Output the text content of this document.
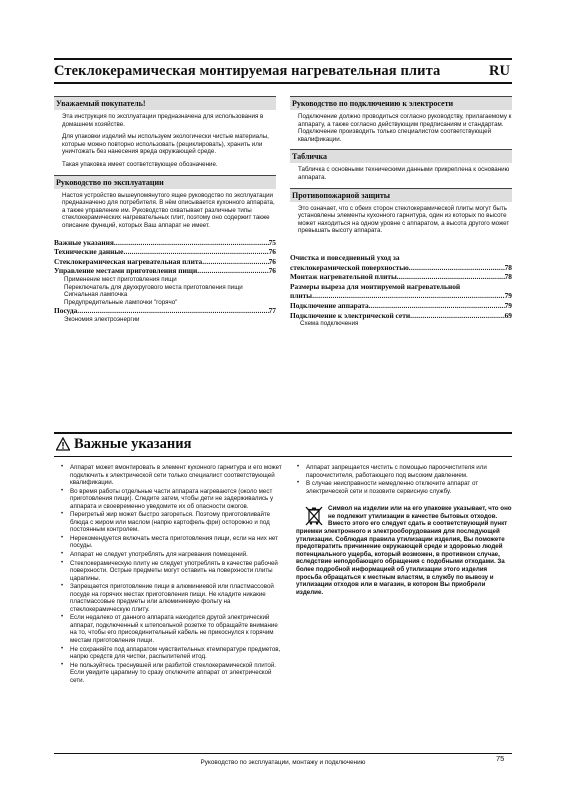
Стеклокерамическая монтируемая нагревательная плита	RU
Уважаемый покупатель!
Эта инструкция по эксплуатации предназначена для использования в домашнем хозяйстве.
Для упаковки изделий мы используем экологически чистые материалы, которые можно повторно использовать (рециклировать), хранить или уничтожать без нанесения вреда окружающей среде.
Такая упаковка имеет соответствующее обозначение.
Руководство по эксплуатации
Настоя устройство вышеупомянутого ящее руководство по эксплуатации предназначено для потребителя. В нём описывается кухонного аппарата, а также управление им. Руководство охватывает различные типы стеклокерамических нагревательных плит, поэтому оно содержит также описание функций, которых Ваш аппарат не имеет.
Важные указания .....	75
Технические данные .....	76
Стеклокерамическая нагревательная плита .....	76
Управление местами приготовления пищи .....	76
Применение мест приготовления пищи
Переключатель для двухкругового места приготовления пищи
Сигнальная лампочка
Предупредительные лампочки "горячо"
Посуда .....	77
Экономия электроэнергии
Руководство по подключению к электросети
Подключение должно проводиться согласно руководству, прилагаемому к аппарату, а также согласно действующим предписаниям и стандартам. Подключение производить только специалистом соответствующей квалификации.
Табличка
Табличка с основными техническими данными прикреплена к основанию аппарата.
Противопожарной защиты
Это означает, что с обеих сторон стеклокерамической плиты могут быть установлены элементы кухонного гарнитура, один из которых по высоте может находиться на одном уровне с аппаратом, а высота другого может превышать высоту аппарата.
Очистка и повседневный уход за
стеклокерамической поверхностью .....	78
Монтаж нагревательной плиты .....	78
Размеры выреза для монтируемой нагревательной
плиты .....	79
Подключение аппарата .....	79
Подключение к электрической сети .....	69
Схема подключения
Важные указания
• Аппарат может вмонтировать в элемент кухонного гарнитура и его может подключить к электрической сети только специалист соответствующей квалификации.
• Вo время работы отдельные части аппарата нагреваются (около мест приготовления пищи). Следите затем, чтобы дети не задерживались у аппарата и своевременно уведомите их об опасности ожогов.
• Перегретый жир может быстро загореться. Поэтому приготовливайте блюда с жиром или маслом (напрю картофель фри) осторожно и под постоянным контролем.
• Нерекомендуется включать места приготовления пищи, если на них нет посуды.
• Аппарат не следует употреблять для нагревания помещений.
• Стеклокерамическую плиту не следует употреблять в качестве рабочей поверхности. Острые предметы могут оставить на поверхности плиты царапины.
• Запрещается приготовление пищи в алюминиевой или пластмассовой посуде на горячих местах приготовления пищи. Не кладите никакие пластмассовые предметы или алюминиевую фольгу на стеклокерамическую плиту.
• Если недалеко от данного аппарата находится другой электрический аппарат, подключенный к штепсельной розетке то обращайте внимание на то, чтобы его присоединительный кабель не прикоснулся к горячим местам приготовления пищи.
• Не сохраняйте под аппаратом чувствительных ктемператуpe предметов, напрю средств для чистки, распылителей итод.
• Не пользуйтесь треснувшей или разбитой стеклокерамической плитой. Если увидите царапину то сразу отключите аппарат от электрической сети.
• Аппарат запрещается чистить с помощью пароочистителя или пароочистителя, работающего под высоким давлением.
• В случае неисправности немедленно отключите аппарат от электрической сети и позовите сервисную службу.
Символ на изделии или на его упаковке указывает, что оно не подлежит утилизации в качестве бытовых отходов. Вместо этого его следует сдать в соответствующий пункт приемки электронного и электрооборудования для последующей утилизации. Соблюдая правила утилизации изделия, Вы поможете предотвратить причинение окружающей среде и здоровью людей потенциального ущерба, который возможен, в противном случае, вследствие неподобающего обращения с подобными отходами. За более подробной информацией об утилизации этого изделия просьба обращаться к местным властям, в службу по вывозу и утилизации отходов или в магазин, в котором Вы приобрели изделие.
Руководство по эксплуатации, монтажу и подключению	75
